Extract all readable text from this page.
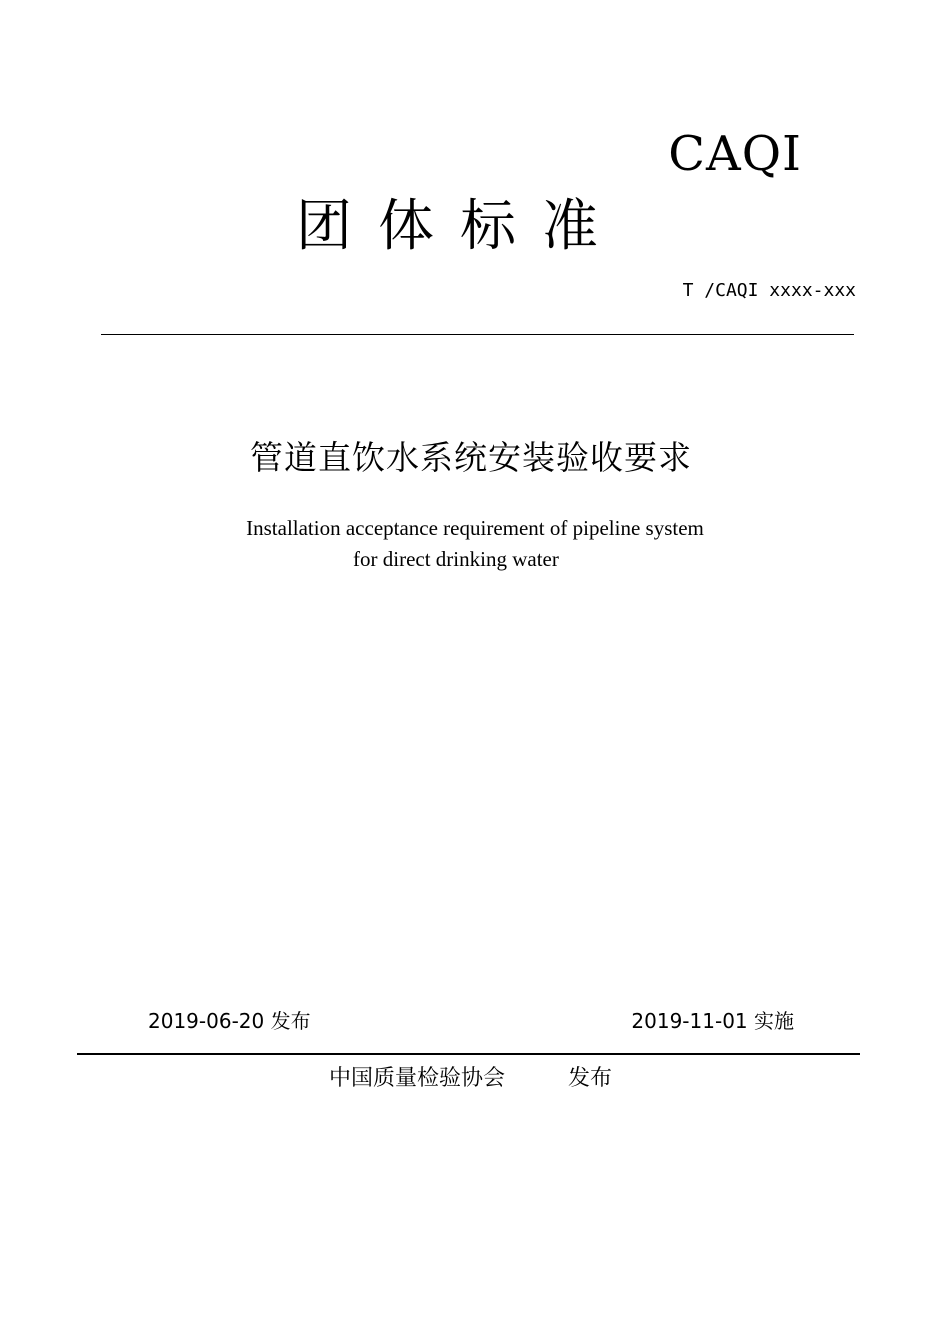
CAQI
团体标准
T /CAQI xxxx-xxx
管道直饮水系统安装验收要求
Installation acceptance requirement of pipeline system
for direct drinking water
2019-06-20 发布	2019-11-01 实施
中国质量检验协会	发布
